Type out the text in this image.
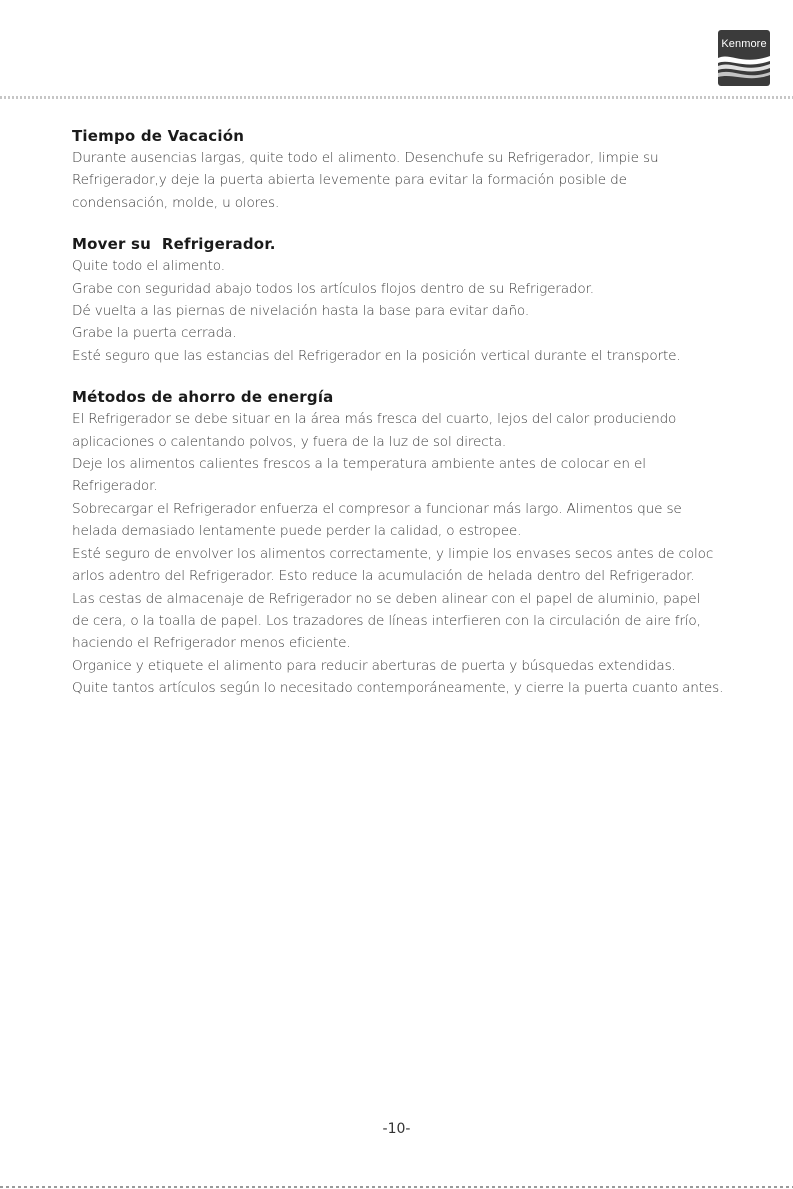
Kenmore
Tiempo de Vacación

Durante ausencias largas, quite todo el alimento. Desenchufe su Refrigerador, limpie su

Refrigerador,y deje la puerta abierta levemente para evitar la formación posible de

condensación, molde, u olores.

Mover su  Refrigerador.

Quite todo el alimento.

Grabe con seguridad abajo todos los artículos flojos dentro de su Refrigerador.

Dé vuelta a las piernas de nivelación hasta la base para evitar daño.

Grabe la puerta cerrada.

Esté seguro que las estancias del Refrigerador en la posición vertical durante el transporte.

Métodos de ahorro de energía

El Refrigerador se debe situar en la área más fresca del cuarto, lejos del calor produciendo

aplicaciones o calentando polvos, y fuera de la luz de sol directa.

Deje los alimentos calientes frescos a la temperatura ambiente antes de colocar en el

Refrigerador.

Sobrecargar el Refrigerador enfuerza el compresor a funcionar más largo. Alimentos que se

helada demasiado lentamente puede perder la calidad, o estropee.

Esté seguro de envolver los alimentos correctamente, y limpie los envases secos antes de coloc

arlos adentro del Refrigerador. Esto reduce la acumulación de helada dentro del Refrigerador.

Las cestas de almacenaje de Refrigerador no se deben alinear con el papel de aluminio, papel

de cera, o la toalla de papel. Los trazadores de líneas interfieren con la circulación de aire frío,

haciendo el Refrigerador menos eficiente.

Organice y etiquete el alimento para reducir aberturas de puerta y búsquedas extendidas.

Quite tantos artículos según lo necesitado contemporáneamente, y cierre la puerta cuanto antes.

-10-
